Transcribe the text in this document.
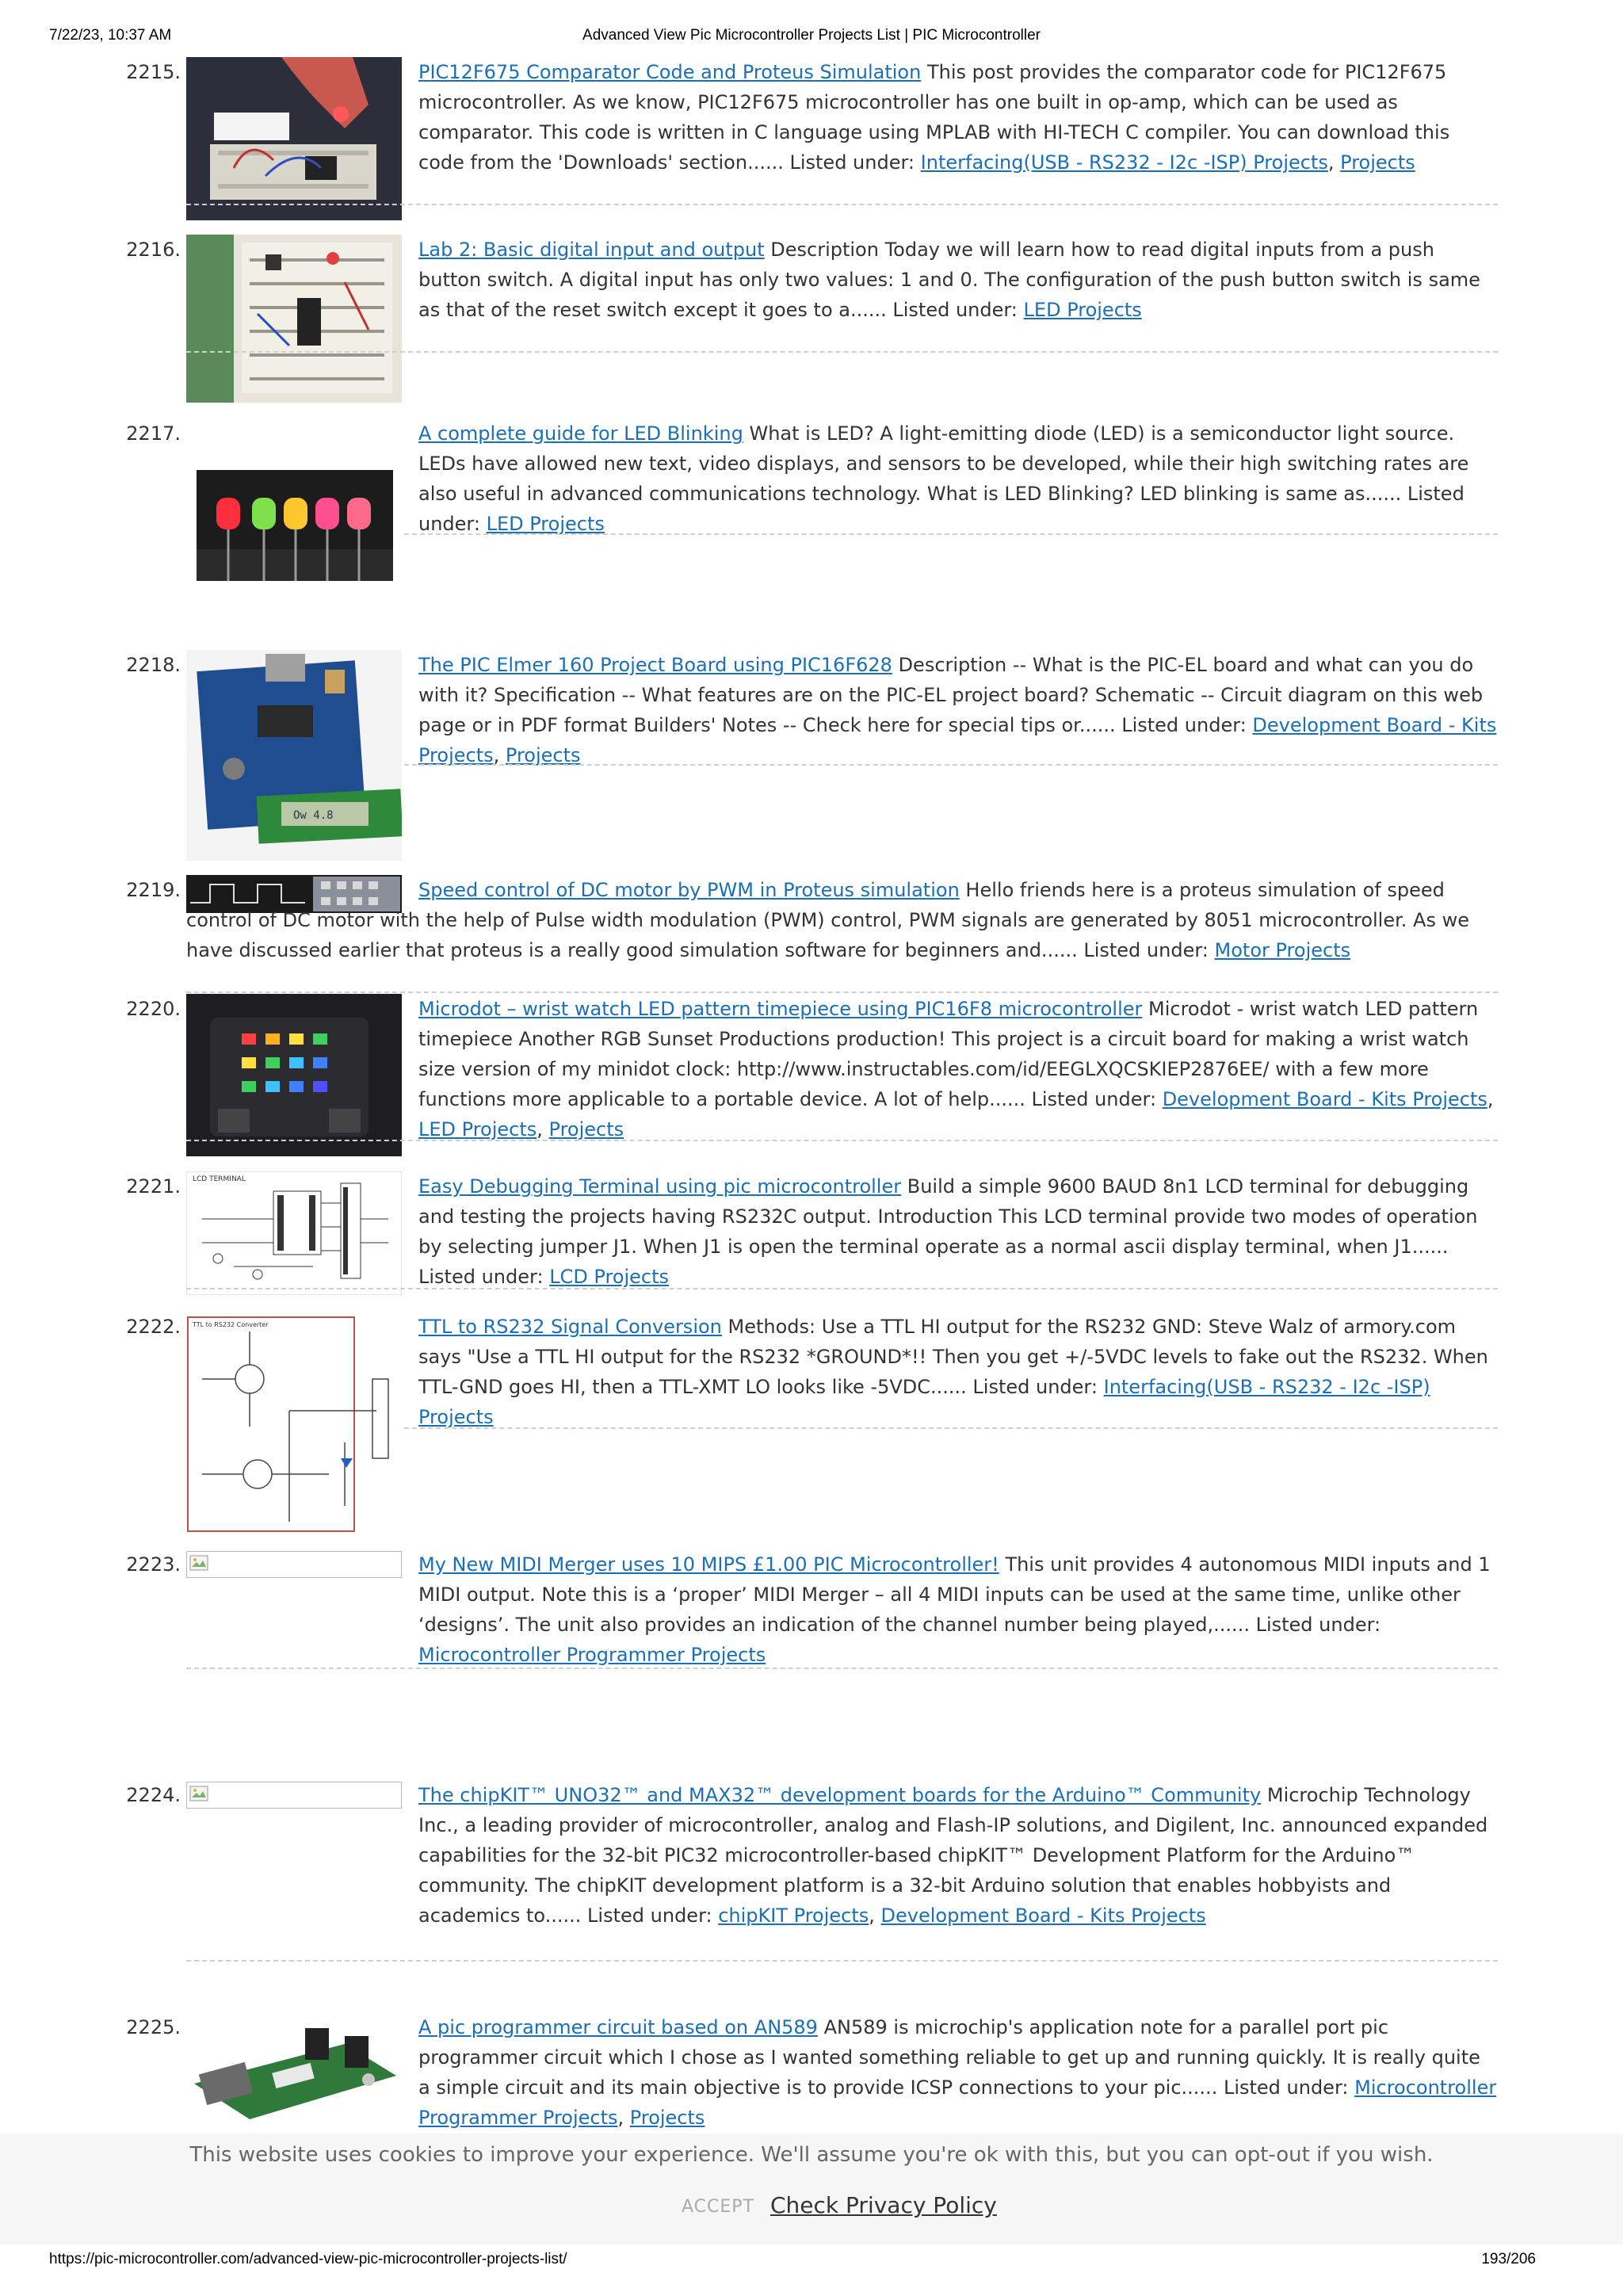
7/22/23, 10:37 AM	Advanced View Pic Microcontroller Projects List | PIC Microcontroller
2215.	PIC12F675 Comparator Code and Proteus Simulation This post provides the comparator code for PIC12F675 microcontroller. As we know, PIC12F675 microcontroller has one built in op-amp, which can be used as comparator. This code is written in C language using MPLAB with HI-TECH C compiler. You can download this code from the 'Downloads' section...... Listed under: Interfacing(USB - RS232 - I2c -ISP) Projects, Projects
2216.	Lab 2: Basic digital input and output Description Today we will learn how to read digital inputs from a push button switch. A digital input has only two values: 1 and 0. The configuration of the push button switch is same as that of the reset switch except it goes to a...... Listed under: LED Projects
2217.	A complete guide for LED Blinking What is LED? A light-emitting diode (LED) is a semiconductor light source. LEDs have allowed new text, video displays, and sensors to be developed, while their high switching rates are also useful in advanced communications technology. What is LED Blinking? LED blinking is same as...... Listed under: LED Projects
2218.
Ow 4.8
The PIC Elmer 160 Project Board using PIC16F628 Description -- What is the PIC-EL board and what can you do with it? Specification -- What features are on the PIC-EL project board? Schematic -- Circuit diagram on this web page or in PDF format Builders' Notes -- Check here for special tips or...... Listed under: Development Board - Kits Projects, Projects
2219.	Speed control of DC motor by PWM in Proteus simulation Hello friends here is a proteus simulation of speed control of DC motor with the help of Pulse width modulation (PWM) control, PWM signals are generated by 8051 microcontroller. As we have discussed earlier that proteus is a really good simulation software for beginners and...... Listed under: Motor Projects
2220.	Microdot – wrist watch LED pattern timepiece using PIC16F8 microcontroller Microdot - wrist watch LED pattern timepiece Another RGB Sunset Productions production! This project is a circuit board for making a wrist watch size version of my minidot clock: http://www.instructables.com/id/EEGLXQCSKIEP2876EE/ with a few more functions more applicable to a portable device. A lot of help...... Listed under: Development Board - Kits Projects, LED Projects, Projects
2221. LCD TERMINAL	Easy Debugging Terminal using pic microcontroller Build a simple 9600 BAUD 8n1 LCD terminal for debugging and testing the projects having RS232C output. Introduction This LCD terminal provide two modes of operation by selecting jumper J1. When J1 is open the terminal operate as a normal ascii display terminal, when J1...... Listed under: LCD Projects
2222. TTL to RS232 Converter	TTL to RS232 Signal Conversion Methods: Use a TTL HI output for the RS232 GND: Steve Walz of armory.com says "Use a TTL HI output for the RS232 *GROUND*!! Then you get +/-5VDC levels to fake out the RS232. When TTL-GND goes HI, then a TTL-XMT LO looks like -5VDC...... Listed under: Interfacing(USB - RS232 - I2c -ISP) Projects
2223.	My New MIDI Merger uses 10 MIPS £1.00 PIC Microcontroller! This unit provides 4 autonomous MIDI inputs and 1 MIDI output. Note this is a ‘proper’ MIDI Merger – all 4 MIDI inputs can be used at the same time, unlike other ‘designs’. The unit also provides an indication of the channel number being played,...... Listed under: Microcontroller Programmer Projects
2224.	The chipKIT™ UNO32™ and MAX32™ development boards for the Arduino™ Community Microchip Technology Inc., a leading provider of microcontroller, analog and Flash-IP solutions, and Digilent, Inc. announced expanded capabilities for the 32-bit PIC32 microcontroller-based chipKIT™ Development Platform for the Arduino™ community. The chipKIT development platform is a 32-bit Arduino solution that enables hobbyists and academics to...... Listed under: chipKIT Projects, Development Board - Kits Projects
2225.	A pic programmer circuit based on AN589 AN589 is microchip's application note for a parallel port pic programmer circuit which I chose as I wanted something reliable to get up and running quickly. It is really quite a simple circuit and its main objective is to provide ICSP connections to your pic...... Listed under: Microcontroller Programmer Projects, Projects
This website uses cookies to improve your experience. We'll assume you're ok with this, but you can opt-out if you wish.
ACCEPT Check Privacy Policy
https://pic-microcontroller.com/advanced-view-pic-microcontroller-projects-list/	193/206
